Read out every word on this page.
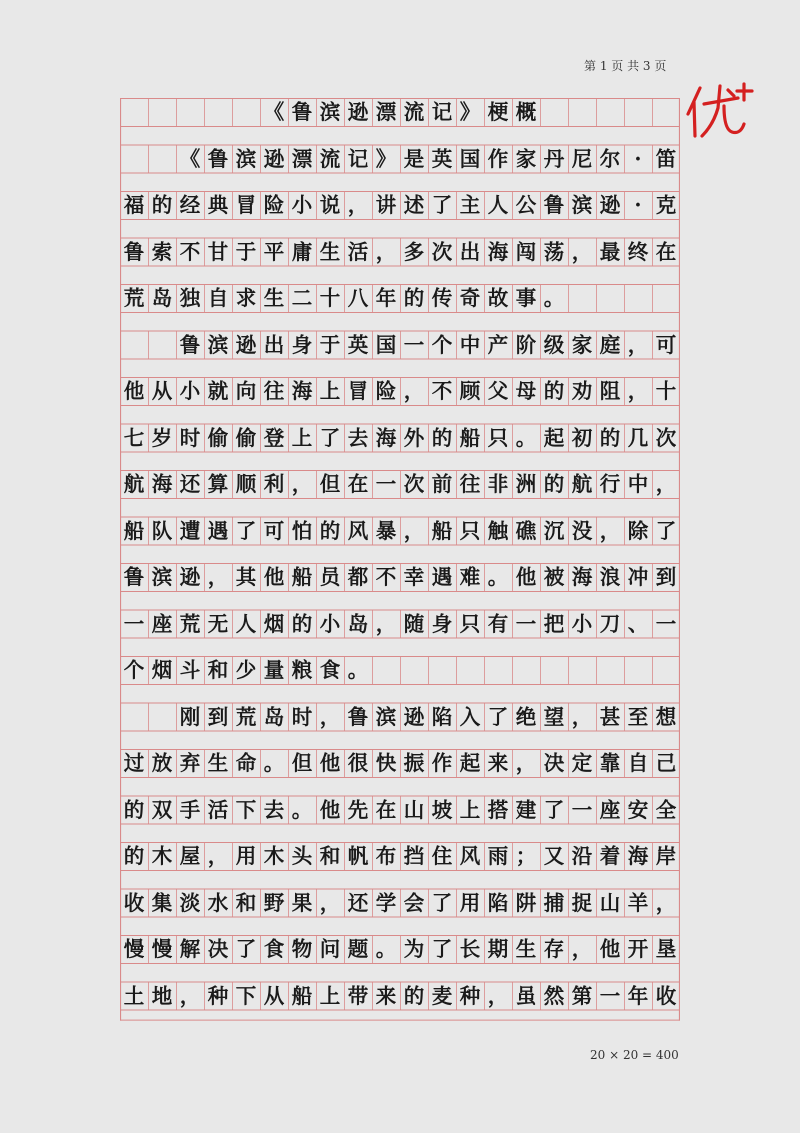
第 1 页 共 3 页
《 鲁 滨 逊 漂 流 记 》 梗 概
《 鲁 滨 逊 漂 流 记 》 是 英 国 作 家 丹 尼 尔 · 笛
福 的 经 典 冒 险 小 说 ， 讲 述 了 主 人 公 鲁 滨 逊 · 克
鲁 索 不 甘 于 平 庸 生 活 ， 多 次 出 海 闯 荡 ， 最 终 在
荒 岛 独 自 求 生 二 十 八 年 的 传 奇 故 事 。
鲁 滨 逊 出 身 于 英 国 一 个 中 产 阶 级 家 庭 ， 可
他 从 小 就 向 往 海 上 冒 险 ， 不 顾 父 母 的 劝 阻 ， 十
七 岁 时 偷 偷 登 上 了 去 海 外 的 船 只 。 起 初 的 几 次
航 海 还 算 顺 利 ， 但 在 一 次 前 往 非 洲 的 航 行 中 ，
船 队 遭 遇 了 可 怕 的 风 暴 ， 船 只 触 礁 沉 没 ， 除 了
鲁 滨 逊 ， 其 他 船 员 都 不 幸 遇 难 。 他 被 海 浪 冲 到
一 座 荒 无 人 烟 的 小 岛 ， 随 身 只 有 一 把 小 刀 、 一
个 烟 斗 和 少 量 粮 食 。
刚 到 荒 岛 时 ， 鲁 滨 逊 陷 入 了 绝 望 ， 甚 至 想
过 放 弃 生 命 。 但 他 很 快 振 作 起 来 ， 决 定 靠 自 己
的 双 手 活 下 去 。 他 先 在 山 坡 上 搭 建 了 一 座 安 全
的 木 屋 ， 用 木 头 和 帆 布 挡 住 风 雨 ； 又 沿 着 海 岸
收 集 淡 水 和 野 果 ， 还 学 会 了 用 陷 阱 捕 捉 山 羊 ，
慢 慢 解 决 了 食 物 问 题 。 为 了 长 期 生 存 ， 他 开 垦
土 地 ， 种 下 从 船 上 带 来 的 麦 种 ， 虽 然 第 一 年 收
20 × 20 = 400
